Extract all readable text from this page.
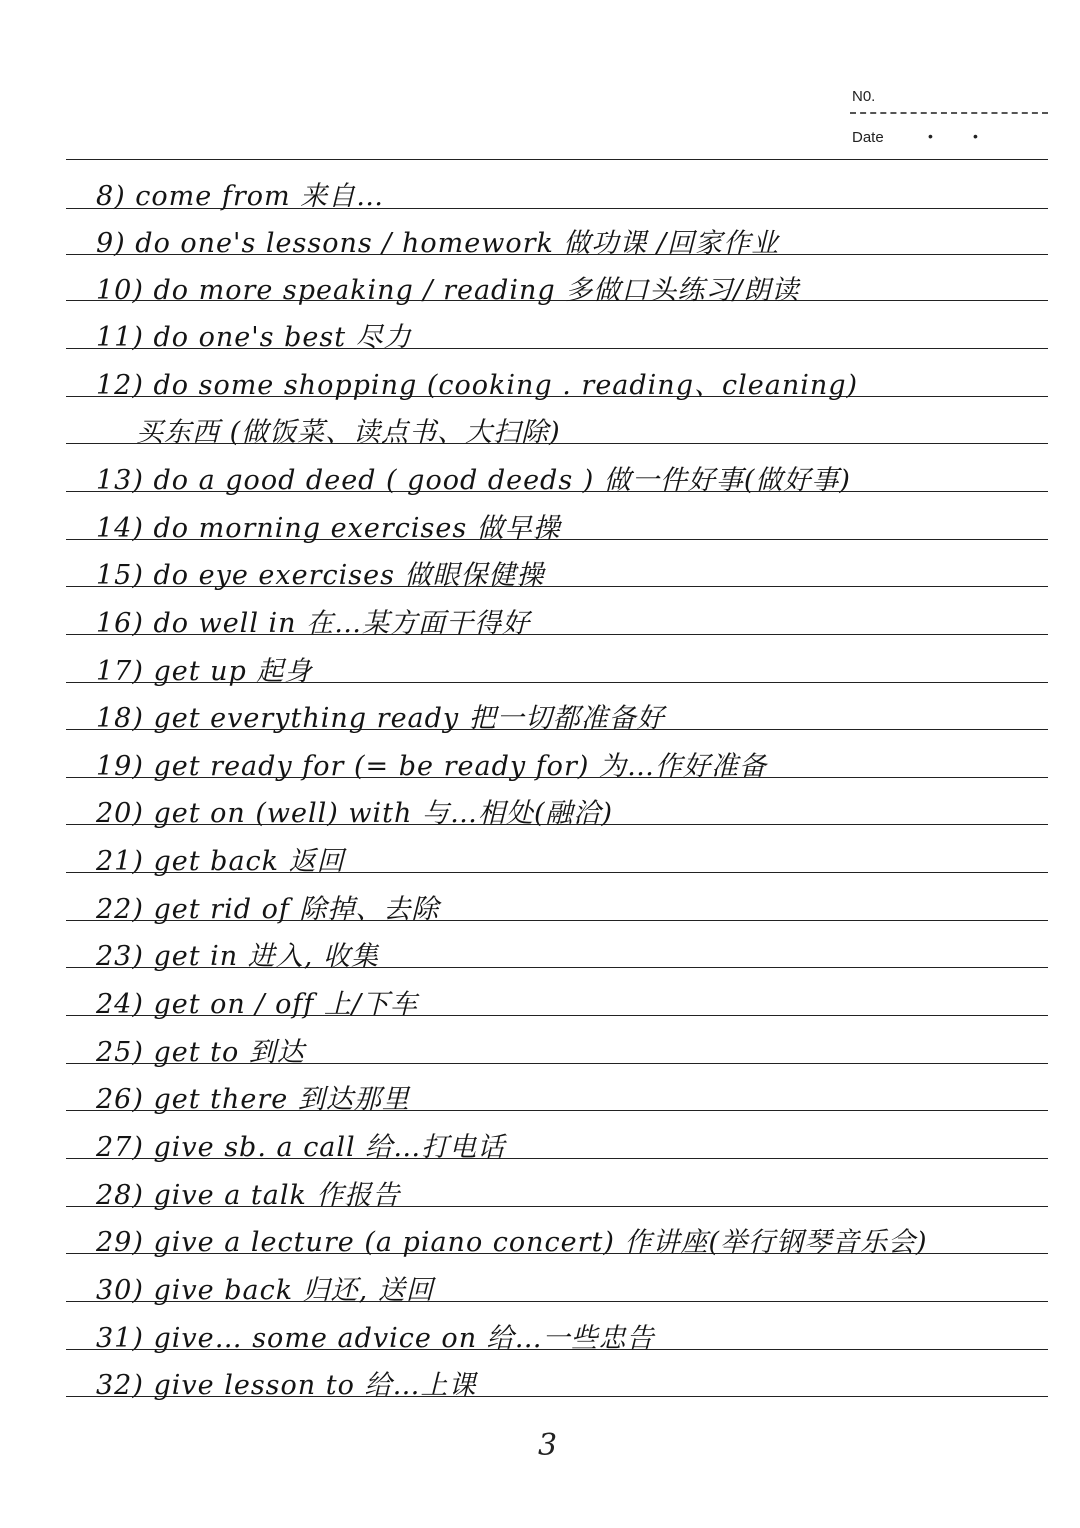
N0.
Date	•	•
8) come from 来自…
9) do one's lessons / homework 做功课 /回家作业
10) do more speaking / reading 多做口头练习/朗读
11) do one's best 尽力
12) do some shopping (cooking . reading、cleaning)
买东西 (做饭菜、读点书、大扫除)
13) do a good deed ( good deeds ) 做一件好事(做好事)
14) do morning exercises 做早操
15) do eye exercises 做眼保健操
16) do well in 在…某方面干得好
17) get up 起身
18) get everything ready 把一切都准备好
19) get ready for (= be ready for) 为…作好准备
20) get on (well) with 与…相处(融洽)
21) get back 返回
22) get rid of 除掉、去除
23) get in 进入, 收集
24) get on / off 上/下车
25) get to 到达
26) get there 到达那里
27) give sb. a call 给…打电话
28) give a talk 作报告
29) give a lecture (a piano concert) 作讲座(举行钢琴音乐会)
30) give back 归还, 送回
31) give… some advice on 给…一些忠告
32) give lesson to 给…上课
3
